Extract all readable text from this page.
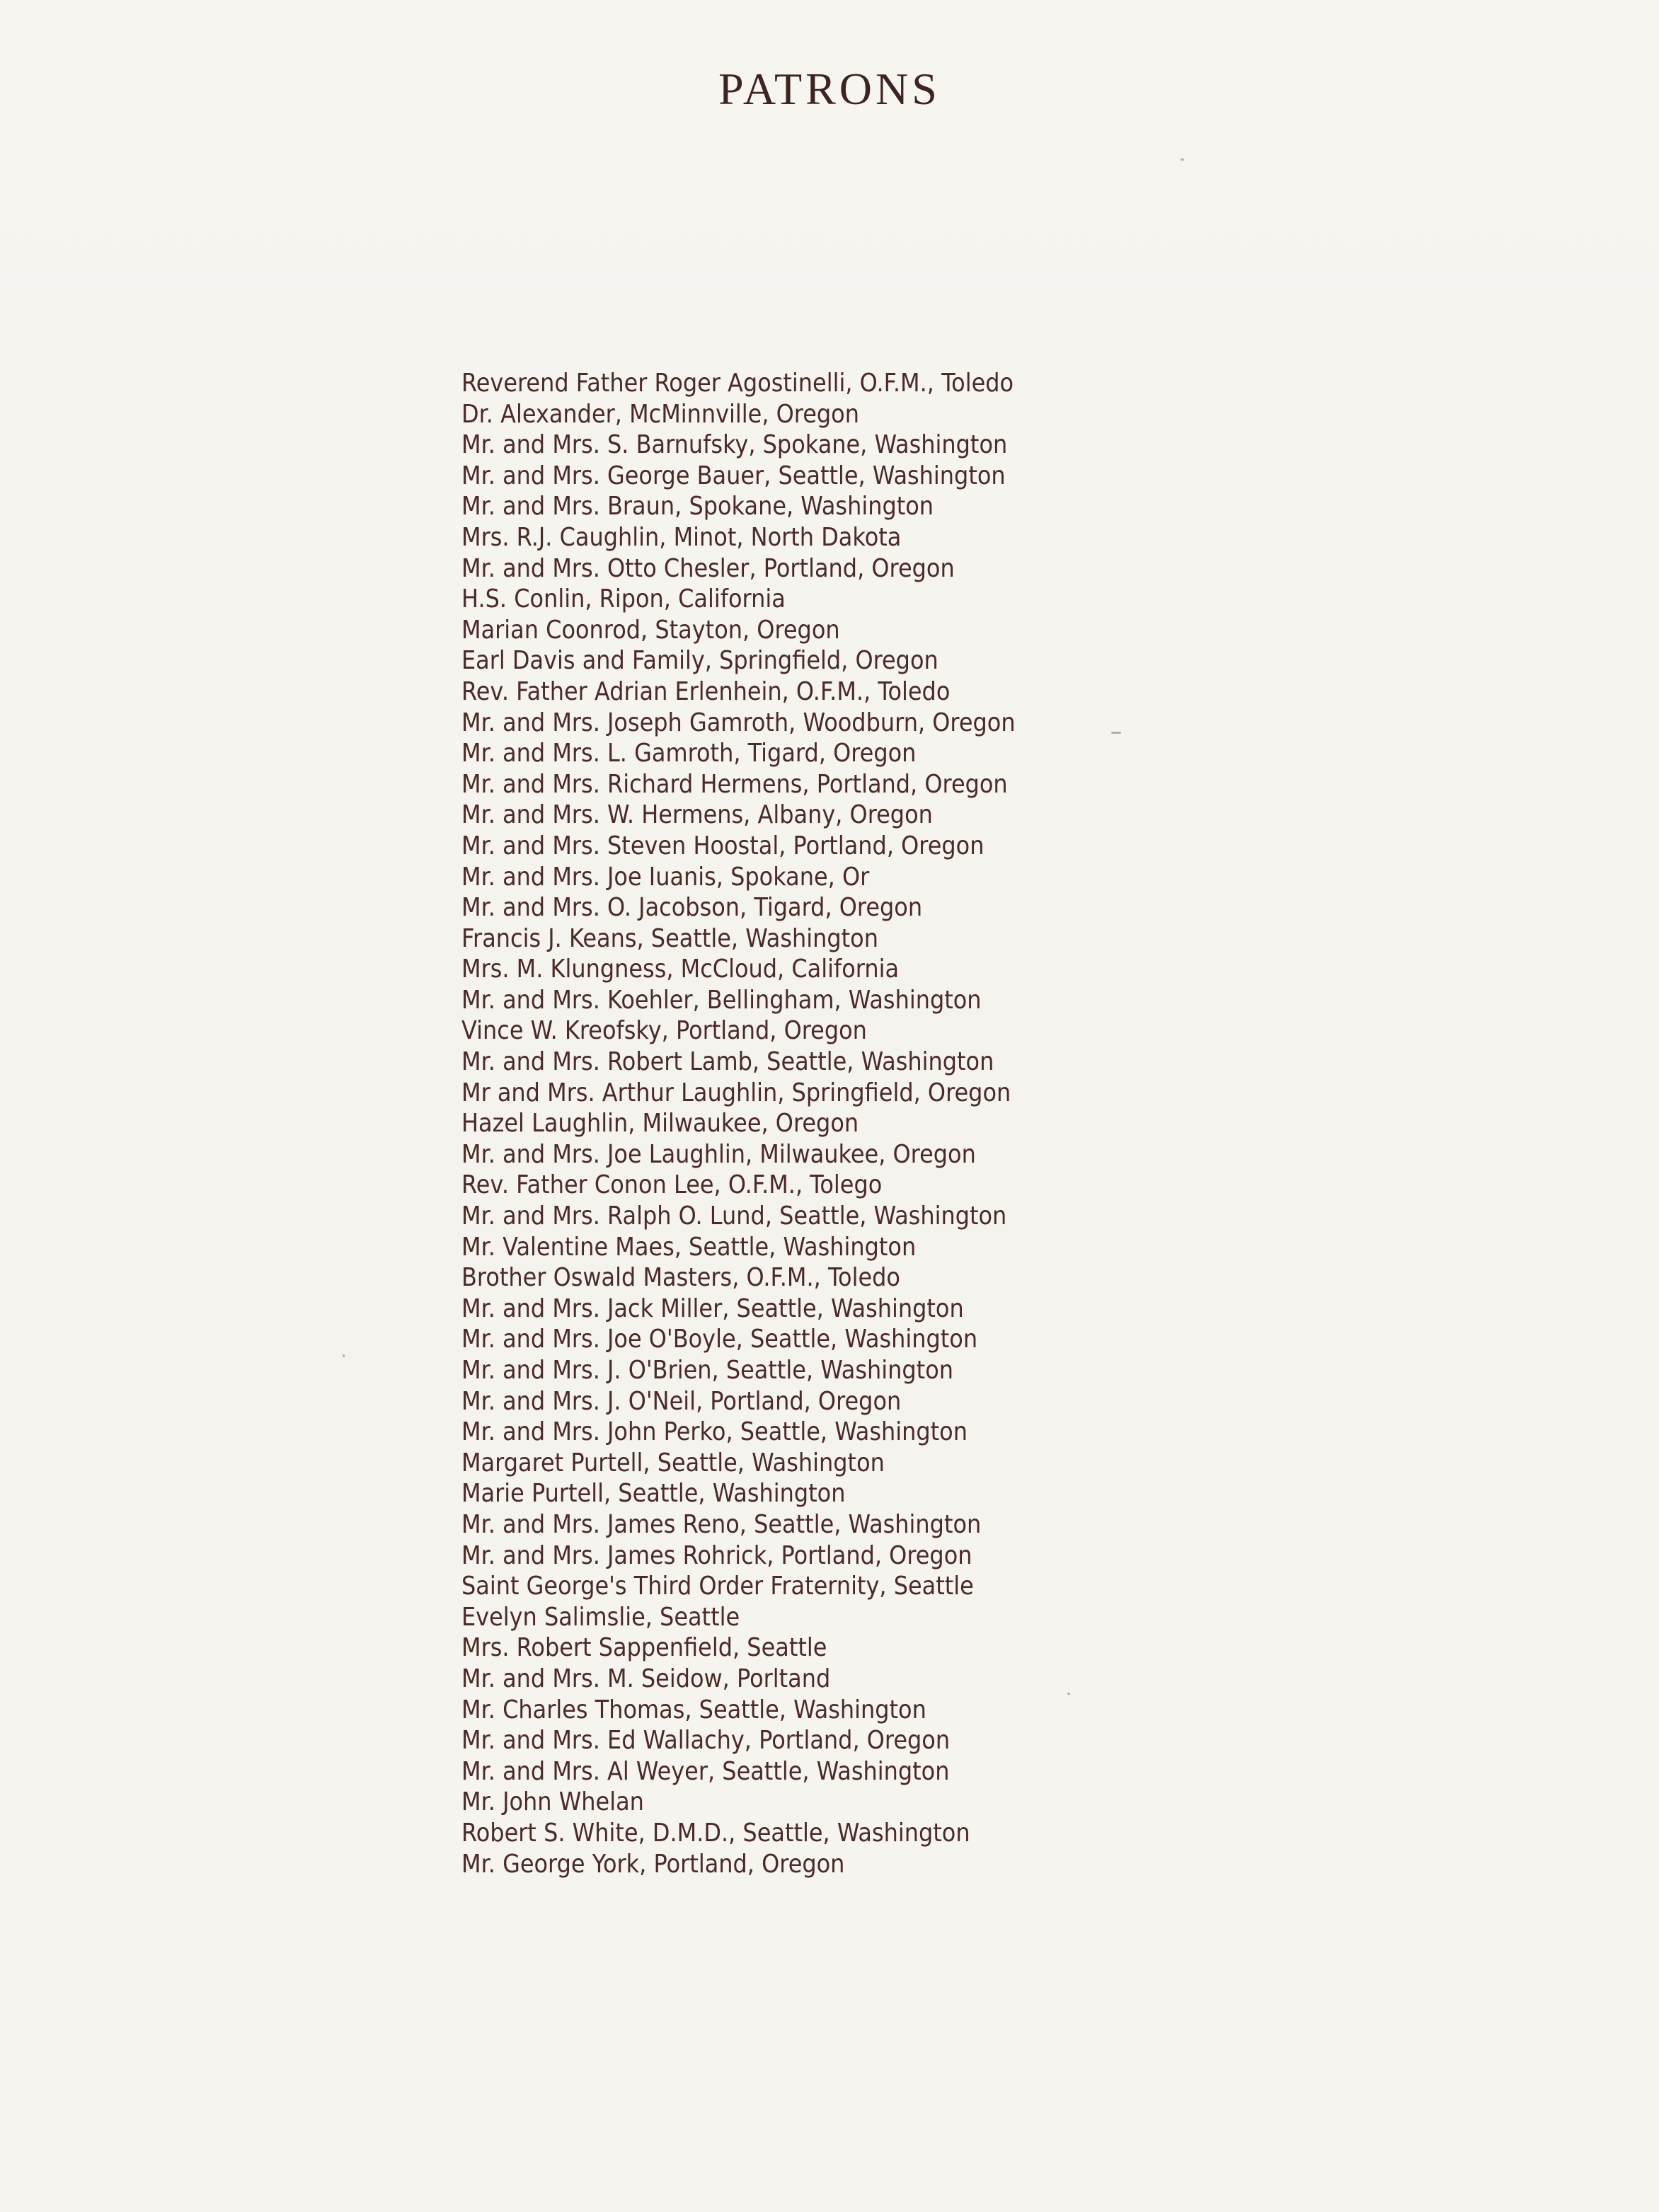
PATRONS
Reverend Father Roger Agostinelli, O.F.M., Toledo
Dr. Alexander, McMinnville, Oregon
Mr. and Mrs. S. Barnufsky, Spokane, Washington
Mr. and Mrs. George Bauer, Seattle, Washington
Mr. and Mrs. Braun, Spokane, Washington
Mrs. R.J. Caughlin, Minot, North Dakota
Mr. and Mrs. Otto Chesler, Portland, Oregon
H.S. Conlin, Ripon, California
Marian Coonrod, Stayton, Oregon
Earl Davis and Family, Springfield, Oregon
Rev. Father Adrian Erlenhein, O.F.M., Toledo
Mr. and Mrs. Joseph Gamroth, Woodburn, Oregon
Mr. and Mrs. L. Gamroth, Tigard, Oregon
Mr. and Mrs. Richard Hermens, Portland, Oregon
Mr. and Mrs. W. Hermens, Albany, Oregon
Mr. and Mrs. Steven Hoostal, Portland, Oregon
Mr. and Mrs. Joe Iuanis, Spokane, Or
Mr. and Mrs. O. Jacobson, Tigard, Oregon
Francis J. Keans, Seattle, Washington
Mrs. M. Klungness, McCloud, California
Mr. and Mrs. Koehler, Bellingham, Washington
Vince W. Kreofsky, Portland, Oregon
Mr. and Mrs. Robert Lamb, Seattle, Washington
Mr and Mrs. Arthur Laughlin, Springfield, Oregon
Hazel Laughlin, Milwaukee, Oregon
Mr. and Mrs. Joe Laughlin, Milwaukee, Oregon
Rev. Father Conon Lee, O.F.M., Tolego
Mr. and Mrs. Ralph O. Lund, Seattle, Washington
Mr. Valentine Maes, Seattle, Washington
Brother Oswald Masters, O.F.M., Toledo
Mr. and Mrs. Jack Miller, Seattle, Washington
Mr. and Mrs. Joe O'Boyle, Seattle, Washington
Mr. and Mrs. J. O'Brien, Seattle, Washington
Mr. and Mrs. J. O'Neil, Portland, Oregon
Mr. and Mrs. John Perko, Seattle, Washington
Margaret Purtell, Seattle, Washington
Marie Purtell, Seattle, Washington
Mr. and Mrs. James Reno, Seattle, Washington
Mr. and Mrs. James Rohrick, Portland, Oregon
Saint George's Third Order Fraternity, Seattle
Evelyn Salimslie, Seattle
Mrs. Robert Sappenfield, Seattle
Mr. and Mrs. M. Seidow, Porltand
Mr. Charles Thomas, Seattle, Washington
Mr. and Mrs. Ed Wallachy, Portland, Oregon
Mr. and Mrs. Al Weyer, Seattle, Washington
Mr. John Whelan
Robert S. White, D.M.D., Seattle, Washington
Mr. George York, Portland, Oregon
